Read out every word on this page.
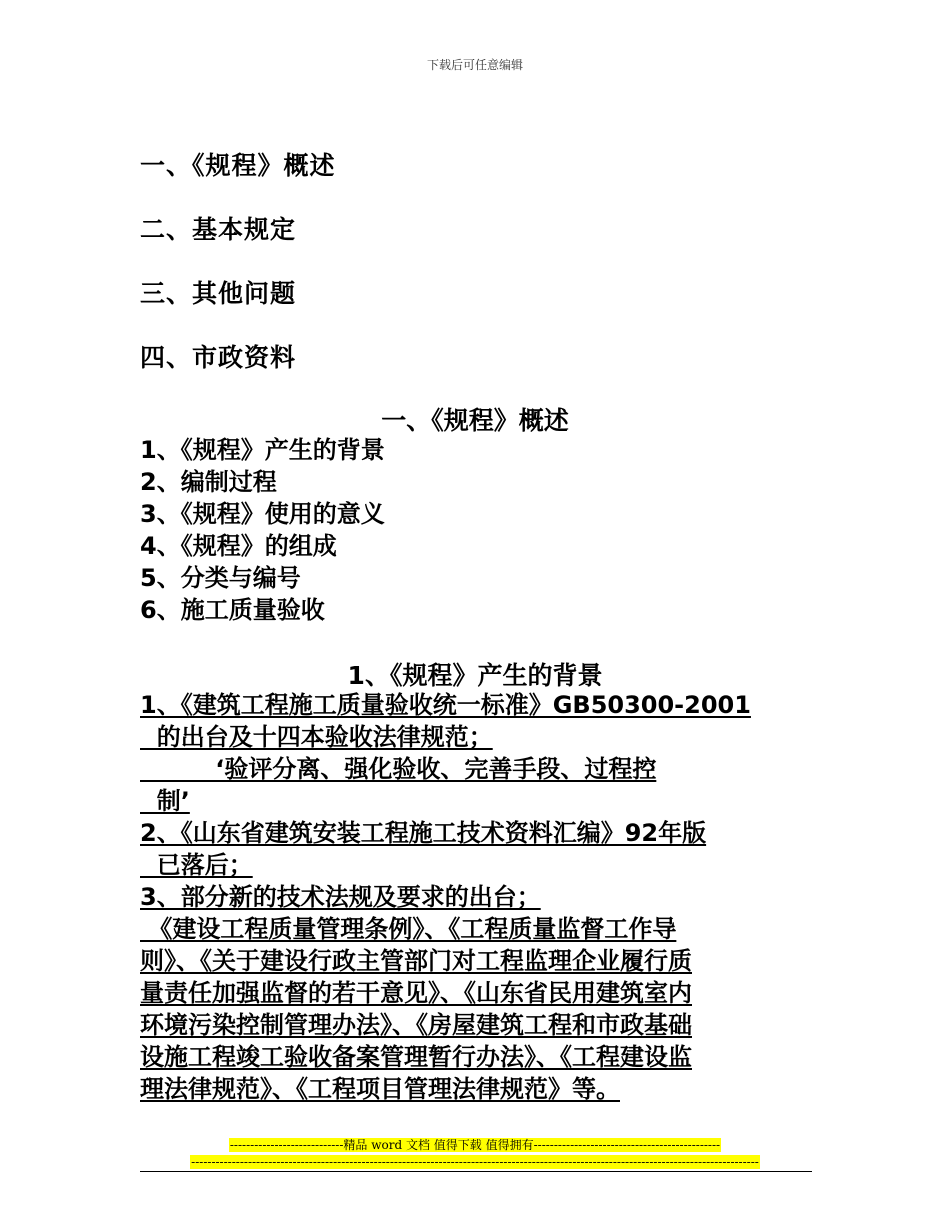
下载后可任意编辑
一、《规程》概述
二、基本规定
三、其他问题
四、市政资料
一、《规程》概述
1、《规程》产生的背景
2、编制过程
3、《规程》使用的意义
4、《规程》的组成
5、分类与编号
6、施工质量验收
1、《规程》产生的背景
1、《建筑工程施工质量验收统一标准》GB50300-2001
的出台及十四本验收法律规范；
‘验评分离、强化验收、完善手段、过程控
制’
2、《山东省建筑安装工程施工技术资料汇编》92年版
已落后；
3、部分新的技术法规及要求的出台；
《建设工程质量管理条例》、《工程质量监督工作导
则》、《关于建设行政主管部门对工程监理企业履行质
量责任加强监督的若干意见》、《山东省民用建筑室内
环境污染控制管理办法》、《房屋建筑工程和市政基础
设施工程竣工验收备案管理暂行办法》、《工程建设监
理法律规范》、《工程项目管理法律规范》等。
----------------------------精品 word 文档 值得下载 值得拥有----------------------------------------------
--------------------------------------------------------------------------------------------------------------------------------------------
